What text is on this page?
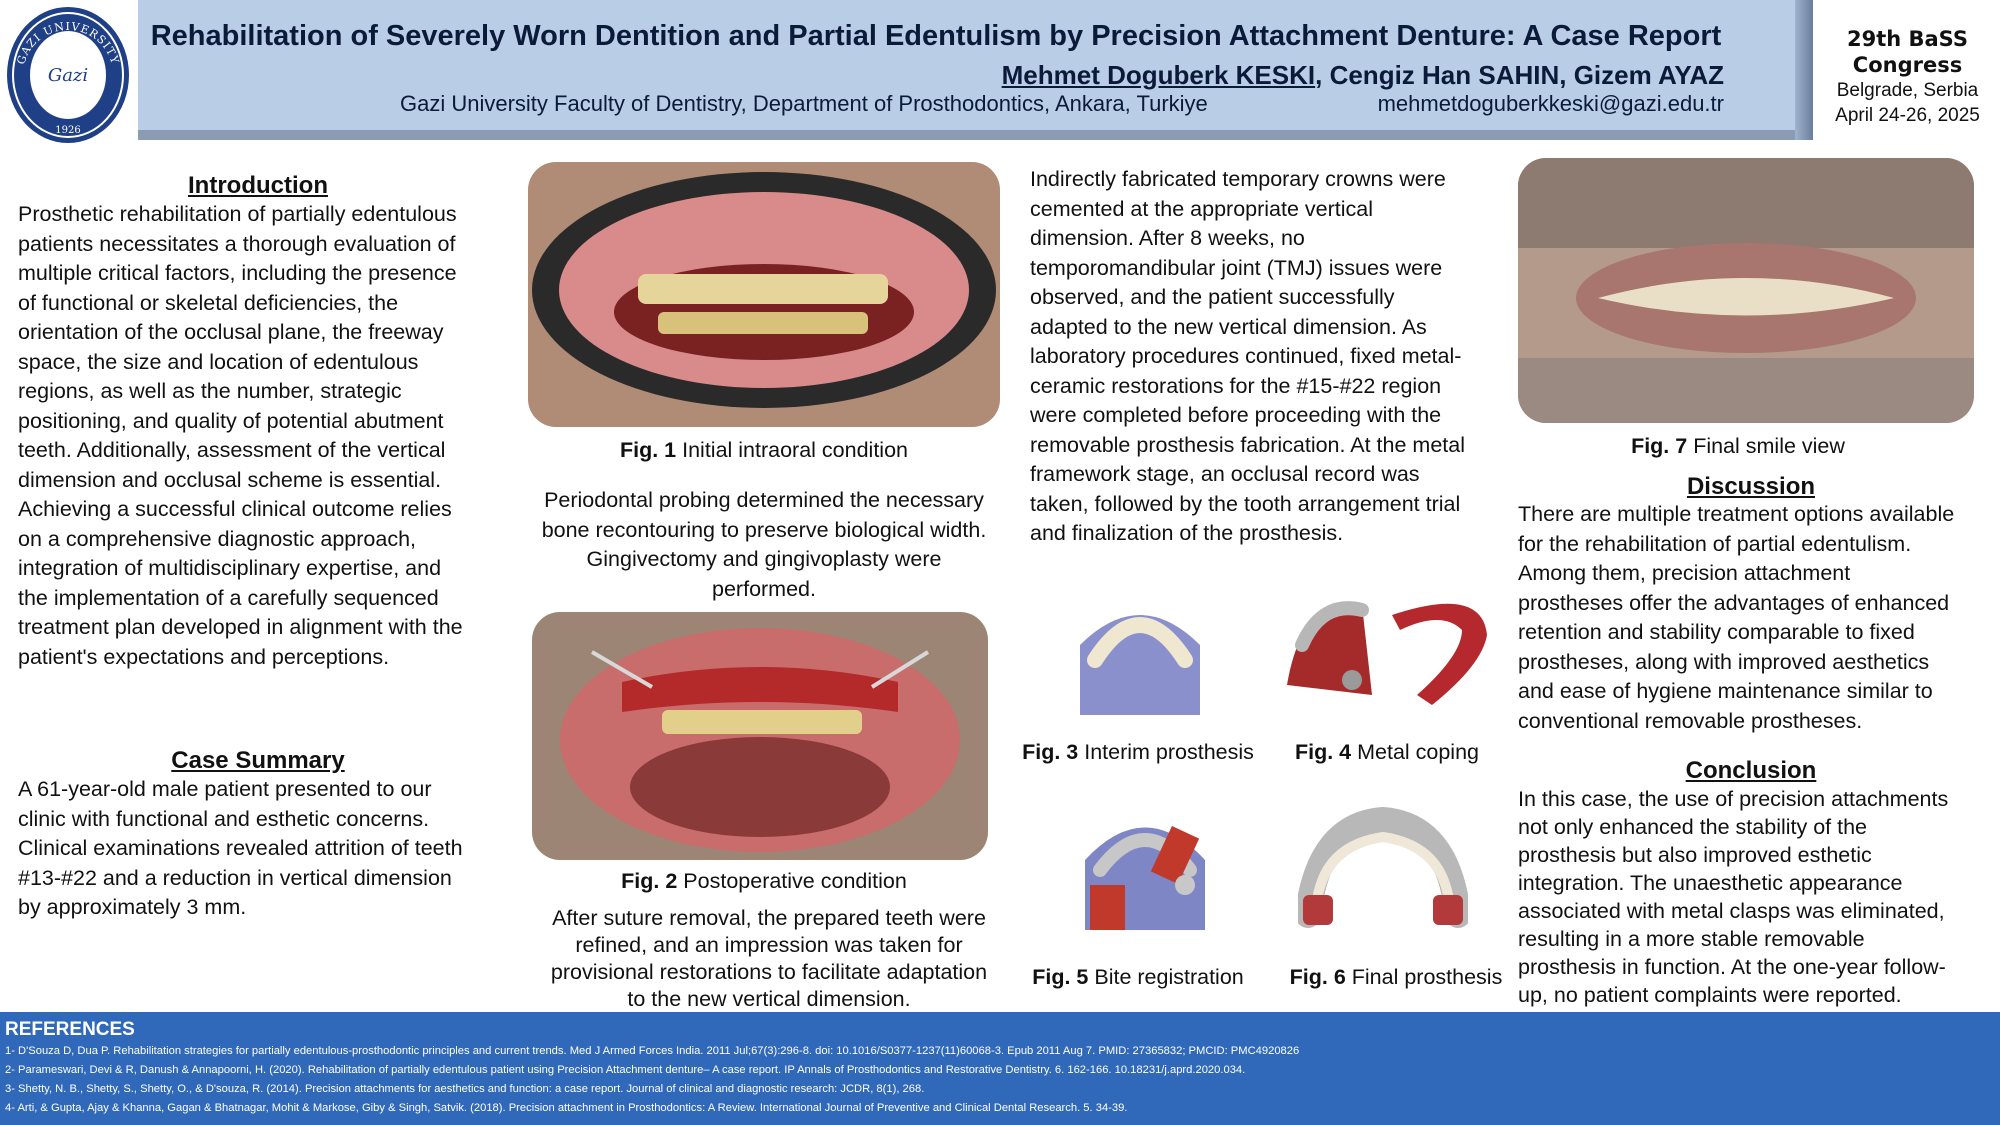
GAZI UNIVERSITY
1926
Gazi
Rehabilitation of Severely Worn Dentition and Partial Edentulism by Precision Attachment Denture: A Case Report
Mehmet Doguberk KESKI, Cengiz Han SAHIN, Gizem AYAZ
Gazi University Faculty of Dentistry, Department of Prosthodontics, Ankara, Turkiye	mehmetdoguberkkeski@gazi.edu.tr
29th BaSS
Congress
Belgrade, Serbia
April 24-26, 2025
Introduction
Prosthetic rehabilitation of partially edentulous
patients necessitates a thorough evaluation of
multiple critical factors, including the presence
of functional or skeletal deficiencies, the
orientation of the occlusal plane, the freeway
space, the size and location of edentulous
regions, as well as the number, strategic
positioning, and quality of potential abutment
teeth. Additionally, assessment of the vertical
dimension and occlusal scheme is essential.
Achieving a successful clinical outcome relies
on a comprehensive diagnostic approach,
integration of multidisciplinary expertise, and
the implementation of a carefully sequenced
treatment plan developed in alignment with the
patient's expectations and perceptions.
Case Summary
A 61-year-old male patient presented to our
clinic with functional and esthetic concerns.
Clinical examinations revealed attrition of teeth
#13-#22 and a reduction in vertical dimension
by approximately 3 mm.
Fig. 1 Initial intraoral condition
Periodontal probing determined the necessary
bone recontouring to preserve biological width.
Gingivectomy and gingivoplasty were
performed.
Fig. 2 Postoperative condition
After suture removal, the prepared teeth were
refined, and an impression was taken for
provisional restorations to facilitate adaptation
to the new vertical dimension.
Indirectly fabricated temporary crowns were
cemented at the appropriate vertical
dimension. After 8 weeks, no
temporomandibular joint (TMJ) issues were
observed, and the patient successfully
adapted to the new vertical dimension. As
laboratory procedures continued, fixed metal-
ceramic restorations for the #15-#22 region
were completed before proceeding with the
removable prosthesis fabrication. At the metal
framework stage, an occlusal record was
taken, followed by the tooth arrangement trial
and finalization of the prosthesis.
Fig. 3 Interim prosthesis	Fig. 4 Metal coping
Fig. 5 Bite registration	Fig. 6 Final prosthesis
Fig. 7 Final smile view
Discussion
There are multiple treatment options available
for the rehabilitation of partial edentulism.
Among them, precision attachment
prostheses offer the advantages of enhanced
retention and stability comparable to fixed
prostheses, along with improved aesthetics
and ease of hygiene maintenance similar to
conventional removable prostheses.
Conclusion
In this case, the use of precision attachments
not only enhanced the stability of the
prosthesis but also improved esthetic
integration. The unaesthetic appearance
associated with metal clasps was eliminated,
resulting in a more stable removable
prosthesis in function. At the one-year follow-
up, no patient complaints were reported.
REFERENCES
1- D'Souza D, Dua P. Rehabilitation strategies for partially edentulous-prosthodontic principles and current trends. Med J Armed Forces India. 2011 Jul;67(3):296-8. doi: 10.1016/S0377-1237(11)60068-3. Epub 2011 Aug 7. PMID: 27365832; PMCID: PMC4920826
2- Parameswari, Devi & R, Danush & Annapoorni, H. (2020). Rehabilitation of partially edentulous patient using Precision Attachment denture– A case report. IP Annals of Prosthodontics and Restorative Dentistry. 6. 162-166. 10.18231/j.aprd.2020.034.
3- Shetty, N. B., Shetty, S., Shetty, O., & D'souza, R. (2014). Precision attachments for aesthetics and function: a case report. Journal of clinical and diagnostic research: JCDR, 8(1), 268.
4- Arti, & Gupta, Ajay & Khanna, Gagan & Bhatnagar, Mohit & Markose, Giby & Singh, Satvik. (2018). Precision attachment in Prosthodontics: A Review. International Journal of Preventive and Clinical Dental Research. 5. 34-39.
